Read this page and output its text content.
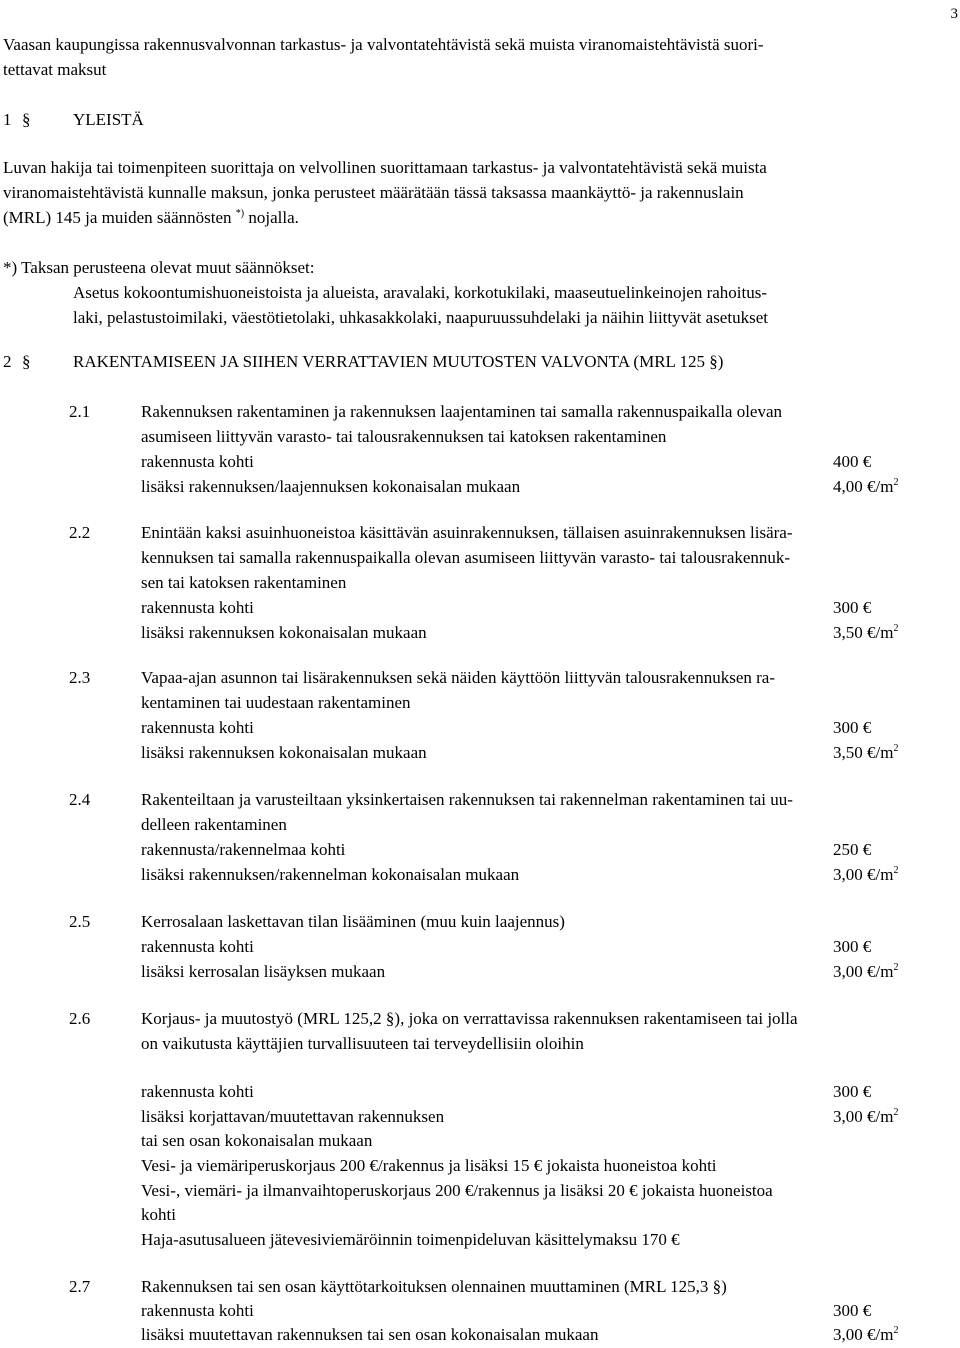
3
Vaasan kaupungissa rakennusvalvonnan tarkastus- ja valvontatehtävistä sekä muista viranomaistehtävistä suori-
tettavat maksut
1 §	YLEISTÄ
Luvan hakija tai toimenpiteen suorittaja on velvollinen suorittamaan tarkastus- ja valvontatehtävistä sekä muista
viranomaistehtävistä kunnalle maksun, jonka perusteet määrätään tässä taksassa maankäyttö- ja rakennuslain
(MRL) 145 ja muiden säännösten *) nojalla.
*) Taksan perusteena olevat muut säännökset:
Asetus kokoontumishuoneistoista ja alueista, aravalaki, korkotukilaki, maaseutuelinkeinojen rahoitus-
laki, pelastustoimilaki, väestötietolaki, uhkasakkolaki, naapuruussuhdelaki ja näihin liittyvät asetukset
2 §	RAKENTAMISEEN JA SIIHEN VERRATTAVIEN MUUTOSTEN VALVONTA (MRL 125 §)
2.1	Rakennuksen rakentaminen ja rakennuksen laajentaminen tai samalla rakennuspaikalla olevan
asumiseen liittyvän varasto- tai talousrakennuksen tai katoksen rakentaminen
rakennusta kohti	400 €
lisäksi rakennuksen/laajennuksen kokonaisalan mukaan	4,00 $€/m^2$
2.2	Enintään kaksi asuinhuoneistoa käsittävän asuinrakennuksen, tällaisen asuinrakennuksen lisära-
kennuksen tai samalla rakennuspaikalla olevan asumiseen liittyvän varasto- tai talousrakennuk-
sen tai katoksen rakentaminen
rakennusta kohti	300 €
lisäksi rakennuksen kokonaisalan mukaan	3,50 $€/m^2$
2.3	Vapaa-ajan asunnon tai lisärakennuksen sekä näiden käyttöön liittyvän talousrakennuksen ra-
kentaminen tai uudestaan rakentaminen
rakennusta kohti	300 €
lisäksi rakennuksen kokonaisalan mukaan	3,50 $€/m^2$
2.4	Rakenteiltaan ja varusteiltaan yksinkertaisen rakennuksen tai rakennelman rakentaminen tai uu-
delleen rakentaminen
rakennusta/rakennelmaa kohti	250 €
lisäksi rakennuksen/rakennelman kokonaisalan mukaan	3,00 $€/m^2$
2.5	Kerrosalaan laskettavan tilan lisääminen (muu kuin laajennus)
rakennusta kohti	300 €
lisäksi kerrosalan lisäyksen mukaan	3,00 $€/m^2$
2.6	Korjaus- ja muutostyö (MRL 125,2 §), joka on verrattavissa rakennuksen rakentamiseen tai jolla
on vaikutusta käyttäjien turvallisuuteen tai terveydellisiin oloihin
rakennusta kohti	300 €
lisäksi korjattavan/muutettavan rakennuksen	3,00 $€/m^2$
tai sen osan kokonaisalan mukaan
Vesi- ja viemäriperuskorjaus 200 €/rakennus ja lisäksi 15 € jokaista huoneistoa kohti
Vesi-, viemäri- ja ilmanvaihtoperuskorjaus 200 €/rakennus ja lisäksi 20 € jokaista huoneistoa
kohti
Haja-asutusalueen jätevesiviemäröinnin toimenpideluvan käsittelymaksu 170 €
2.7	Rakennuksen tai sen osan käyttötarkoituksen olennainen muuttaminen (MRL 125,3 §)
rakennusta kohti	300 €
lisäksi muutettavan rakennuksen tai sen osan kokonaisalan mukaan	3,00 $€/m^2$
